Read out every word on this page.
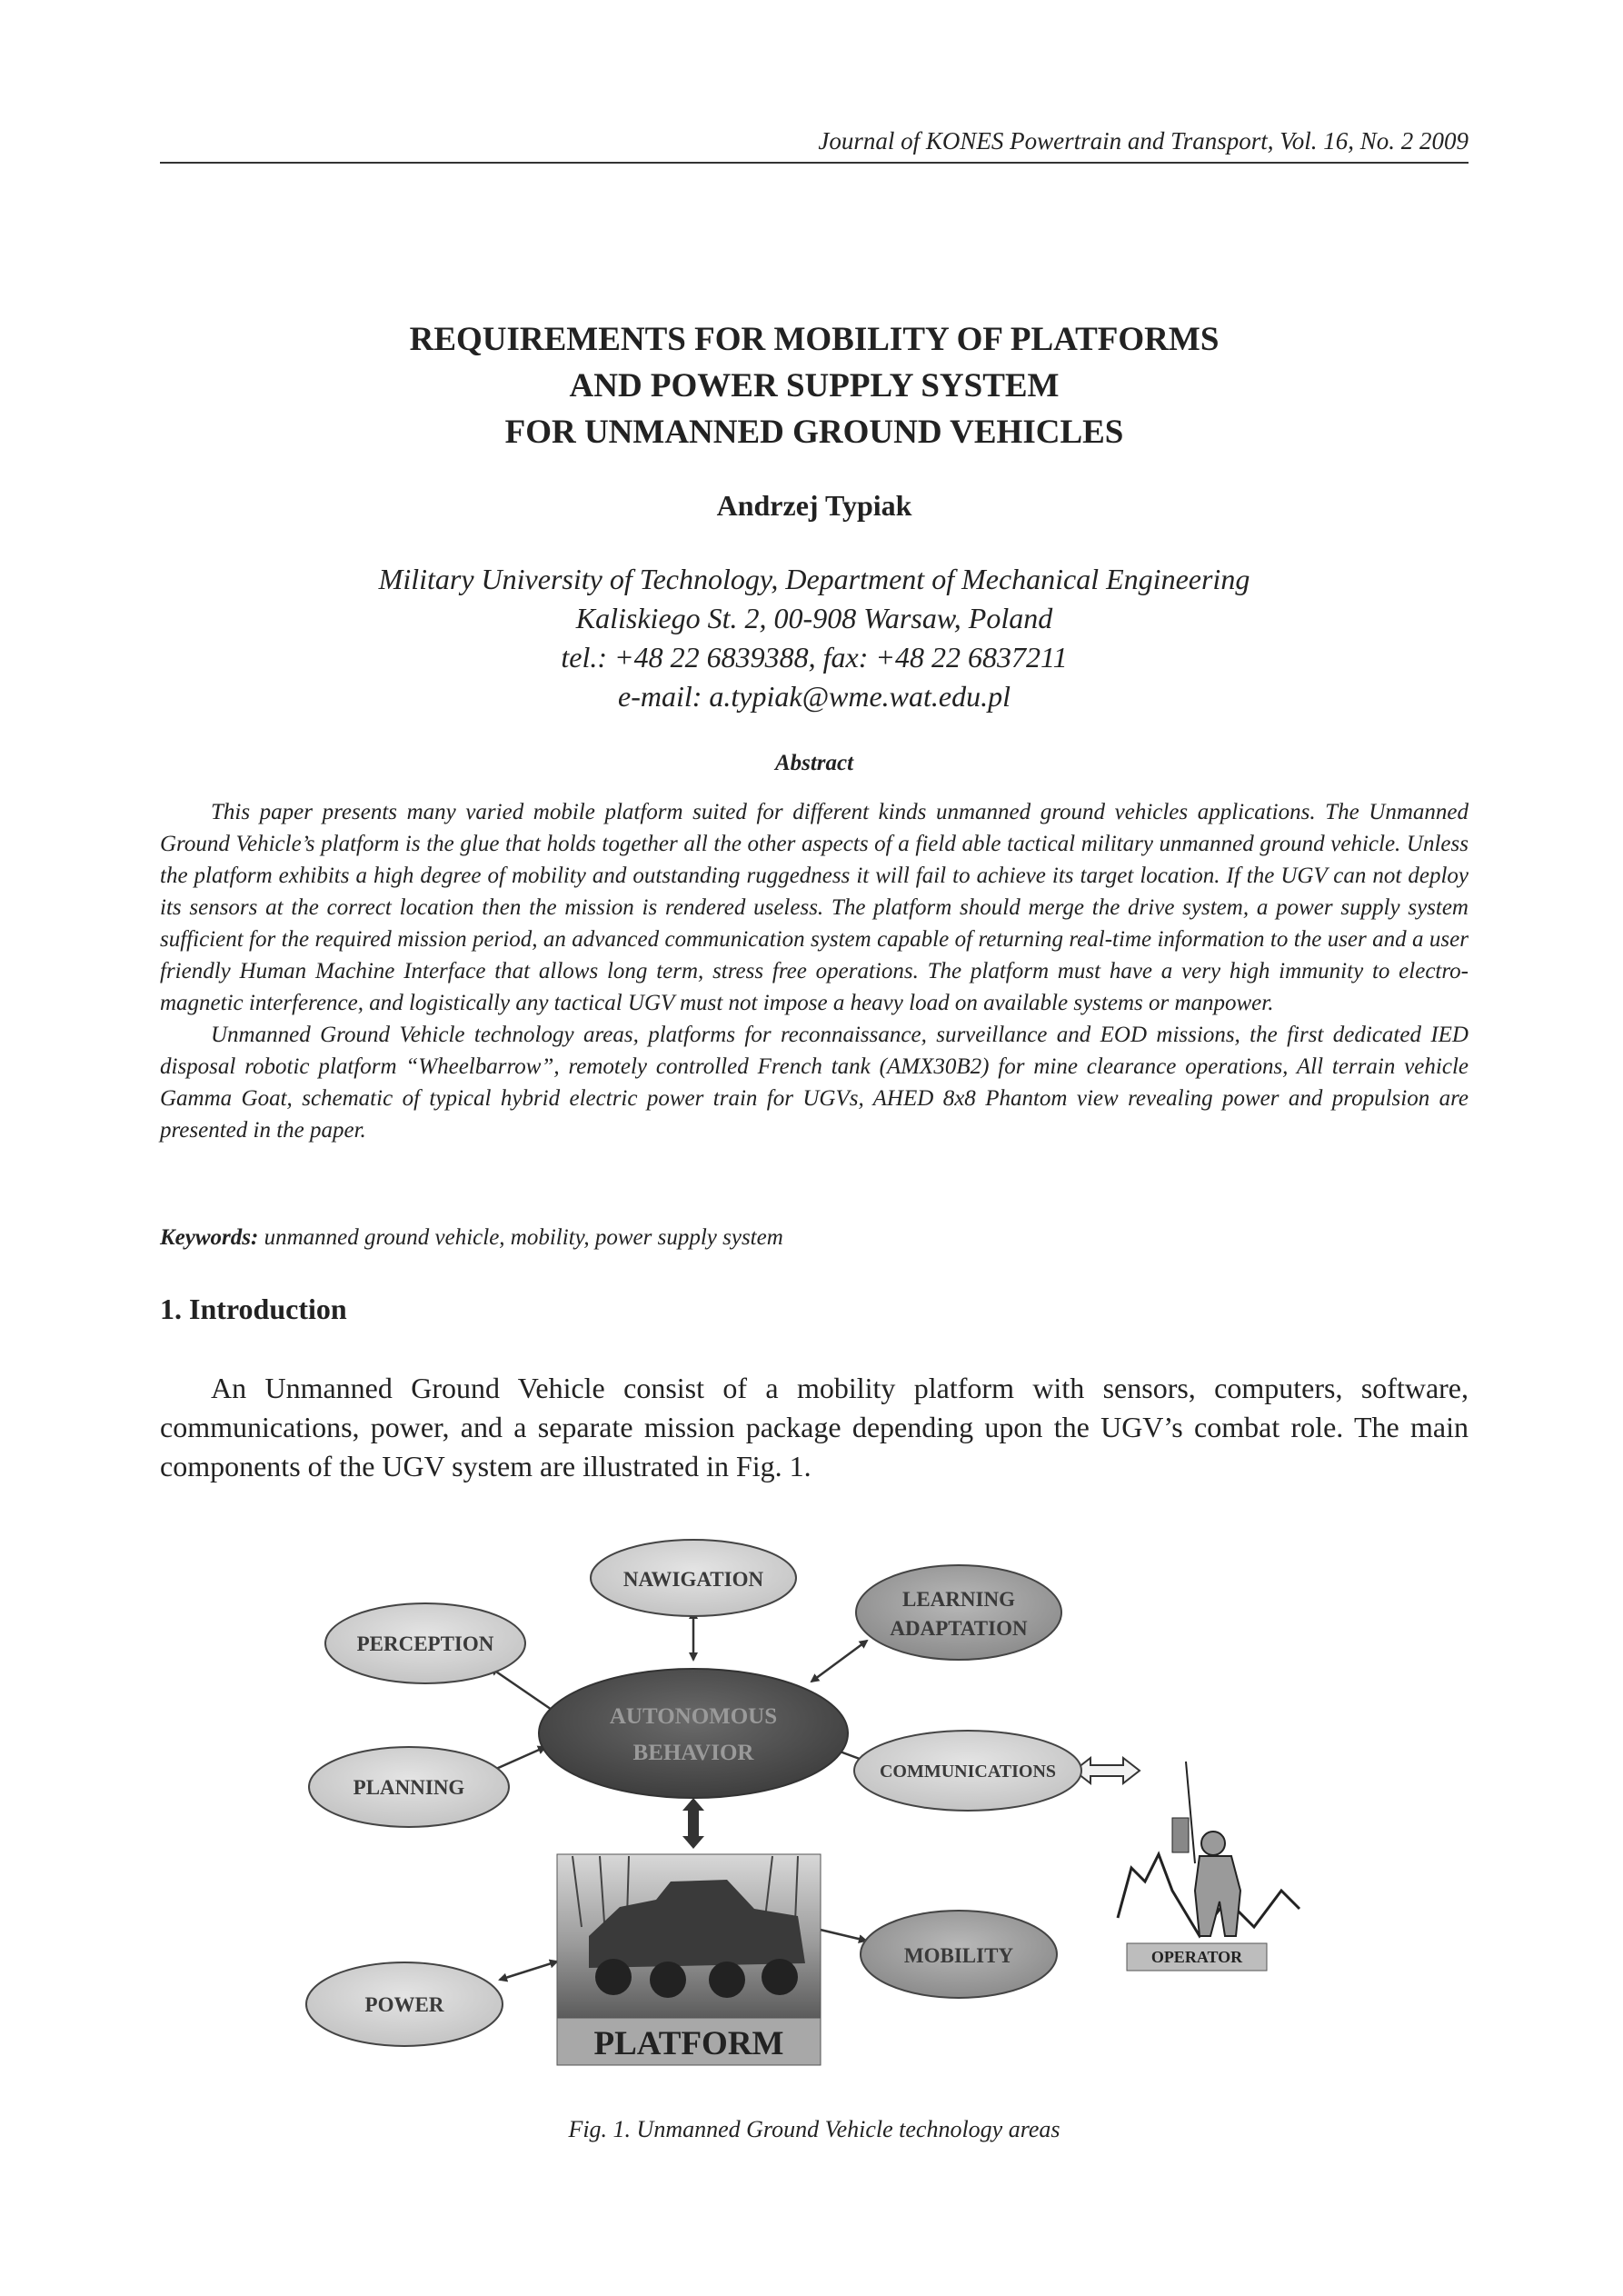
Journal of KONES Powertrain and Transport, Vol. 16, No. 2 2009
REQUIREMENTS FOR MOBILITY OF PLATFORMS
AND POWER SUPPLY SYSTEM
FOR UNMANNED GROUND VEHICLES
Andrzej Typiak
Military University of Technology, Department of Mechanical Engineering
Kaliskiego St. 2, 00-908 Warsaw, Poland
tel.: +48 22 6839388, fax: +48 22 6837211
e-mail: a.typiak@wme.wat.edu.pl
Abstract

This paper presents many varied mobile platform suited for different kinds unmanned ground vehicles applications. The Unmanned Ground Vehicle’s platform is the glue that holds together all the other aspects of a field able tactical military unmanned ground vehicle. Unless the platform exhibits a high degree of mobility and outstanding ruggedness it will fail to achieve its target location. If the UGV can not deploy its sensors at the correct location then the mission is rendered useless. The platform should merge the drive system, a power supply system sufficient for the required mission period, an advanced communication system capable of returning real-time information to the user and a user friendly Human Machine Interface that allows long term, stress free operations. The platform must have a very high immunity to electro-magnetic interference, and logistically any tactical UGV must not impose a heavy load on available systems or manpower.

Unmanned Ground Vehicle technology areas, platforms for reconnaissance, surveillance and EOD missions, the first dedicated IED disposal robotic platform “Wheelbarrow”, remotely controlled French tank (AMX30B2) for mine clearance operations, All terrain vehicle Gamma Goat, schematic of typical hybrid electric power train for UGVs, AHED 8x8 Phantom view revealing power and propulsion are presented in the paper.

Keywords: unmanned ground vehicle, mobility, power supply system
1. Introduction

An Unmanned Ground Vehicle consist of a mobility platform with sensors, computers, software, communications, power, and a separate mission package depending upon the UGV’s combat role. The main components of the UGV system are illustrated in Fig. 1.

NAWIGATION
LEARNING
ADAPTATION
PERCEPTION
AUTONOMOUS
BEHAVIOR
COMMUNICATIONS
PLANNING
MOBILITY
POWER
PLATFORM
OPERATOR
Fig. 1. Unmanned Ground Vehicle technology areas
